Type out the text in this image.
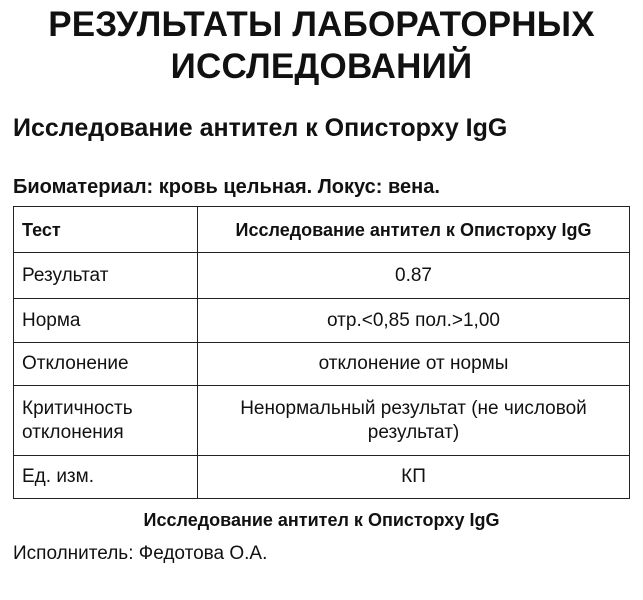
РЕЗУЛЬТАТЫ ЛАБОРАТОРНЫХ
ИССЛЕДОВАНИЙ
Исследование антител к Описторху IgG

Биоматериал: кровь цельная. Локус: вена.

Тест	Исследование антител к Описторху IgG
Результат	0.87
Норма	отр.<0,85 пол.>1,00
Отклонение	отклонение от нормы
Критичность отклонения	Ненормальный результат (не числовой результат)
Ед. изм.	КП

Исследование антител к Описторху IgG

Исполнитель: Федотова О.А.
